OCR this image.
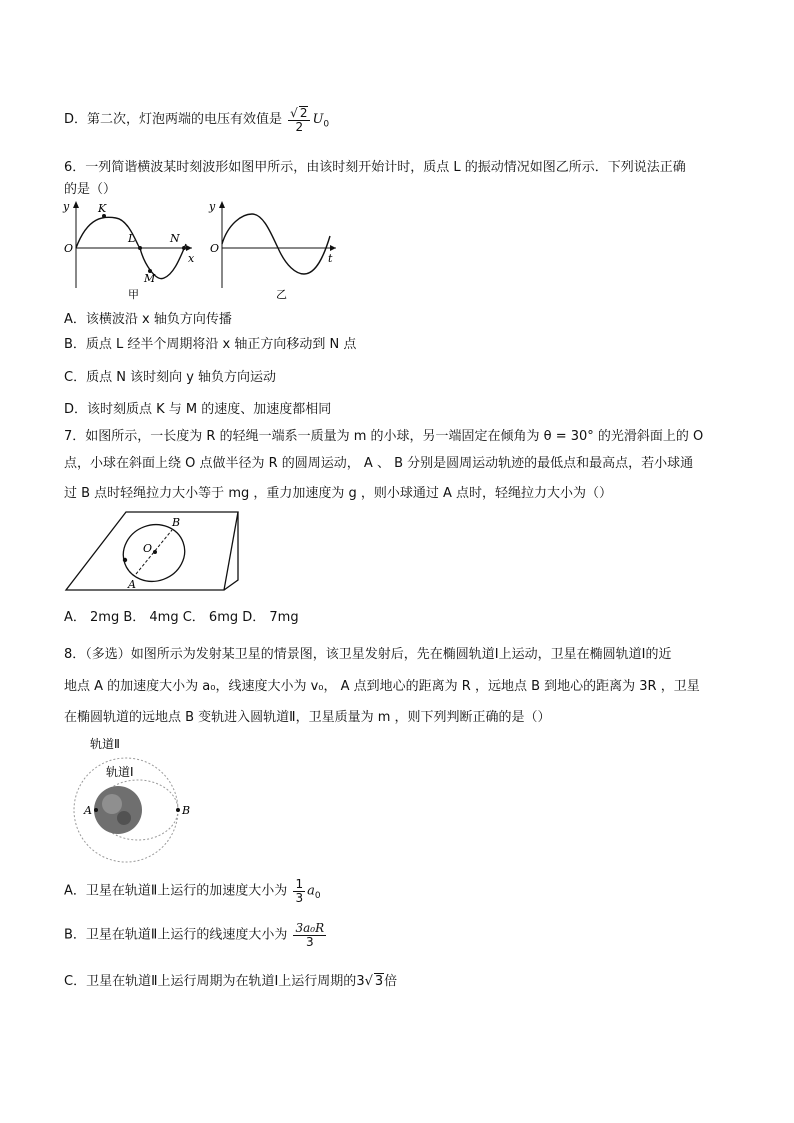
D．第二次，灯泡两端的电压有效值是 $\frac{√ 2}{2} U_0$
6．一列简谐横波某时刻波形如图甲所示，由该时刻开始计时，质点 L 的振动情况如图乙所示．下列说法正确
的是（）
y
x
O
K
L
M
N
甲
y
t
O
乙
A．该横波沿 x 轴负方向传播
B．质点 L 经半个周期将沿 x 轴正方向移动到 N 点
C．质点 N 该时刻向 y 轴负方向运动
D．该时刻质点 K 与 M 的速度、加速度都相同
7．如图所示，一长度为 R 的轻绳一端系一质量为 m 的小球，另一端固定在倾角为 θ = 30° 的光滑斜面上的 O
点，小球在斜面上绕 O 点做半径为 R 的圆周运动， A 、 B 分别是圆周运动轨迹的最低点和最高点，若小球通
过 B 点时轻绳拉力大小等于 mg ，重力加速度为 g ，则小球通过 A 点时，轻绳拉力大小为（）
O
A
B
A． 2mg B． 4mg C． 6mg D． 7mg
8．（多选）如图所示为发射某卫星的情景图，该卫星发射后，先在椭圆轨道Ⅰ上运动，卫星在椭圆轨道Ⅰ的近
地点 A 的加速度大小为 a₀，线速度大小为 v₀， A 点到地心的距离为 R ，远地点 B 到地心的距离为 3R ，卫星
在椭圆轨道的远地点 B 变轨进入圆轨道Ⅱ，卫星质量为 m ，则下列判断正确的是（）
轨道Ⅱ
轨道Ⅰ
A	B
A．卫星在轨道Ⅱ上运行的加速度大小为 $\frac{1}{3} a_0$
B．卫星在轨道Ⅱ上运行的线速度大小为 $\frac{\text{3a₀R}}{3}$
C．卫星在轨道Ⅱ上运行周期为在轨道Ⅰ上运行周期的3√ 3倍
